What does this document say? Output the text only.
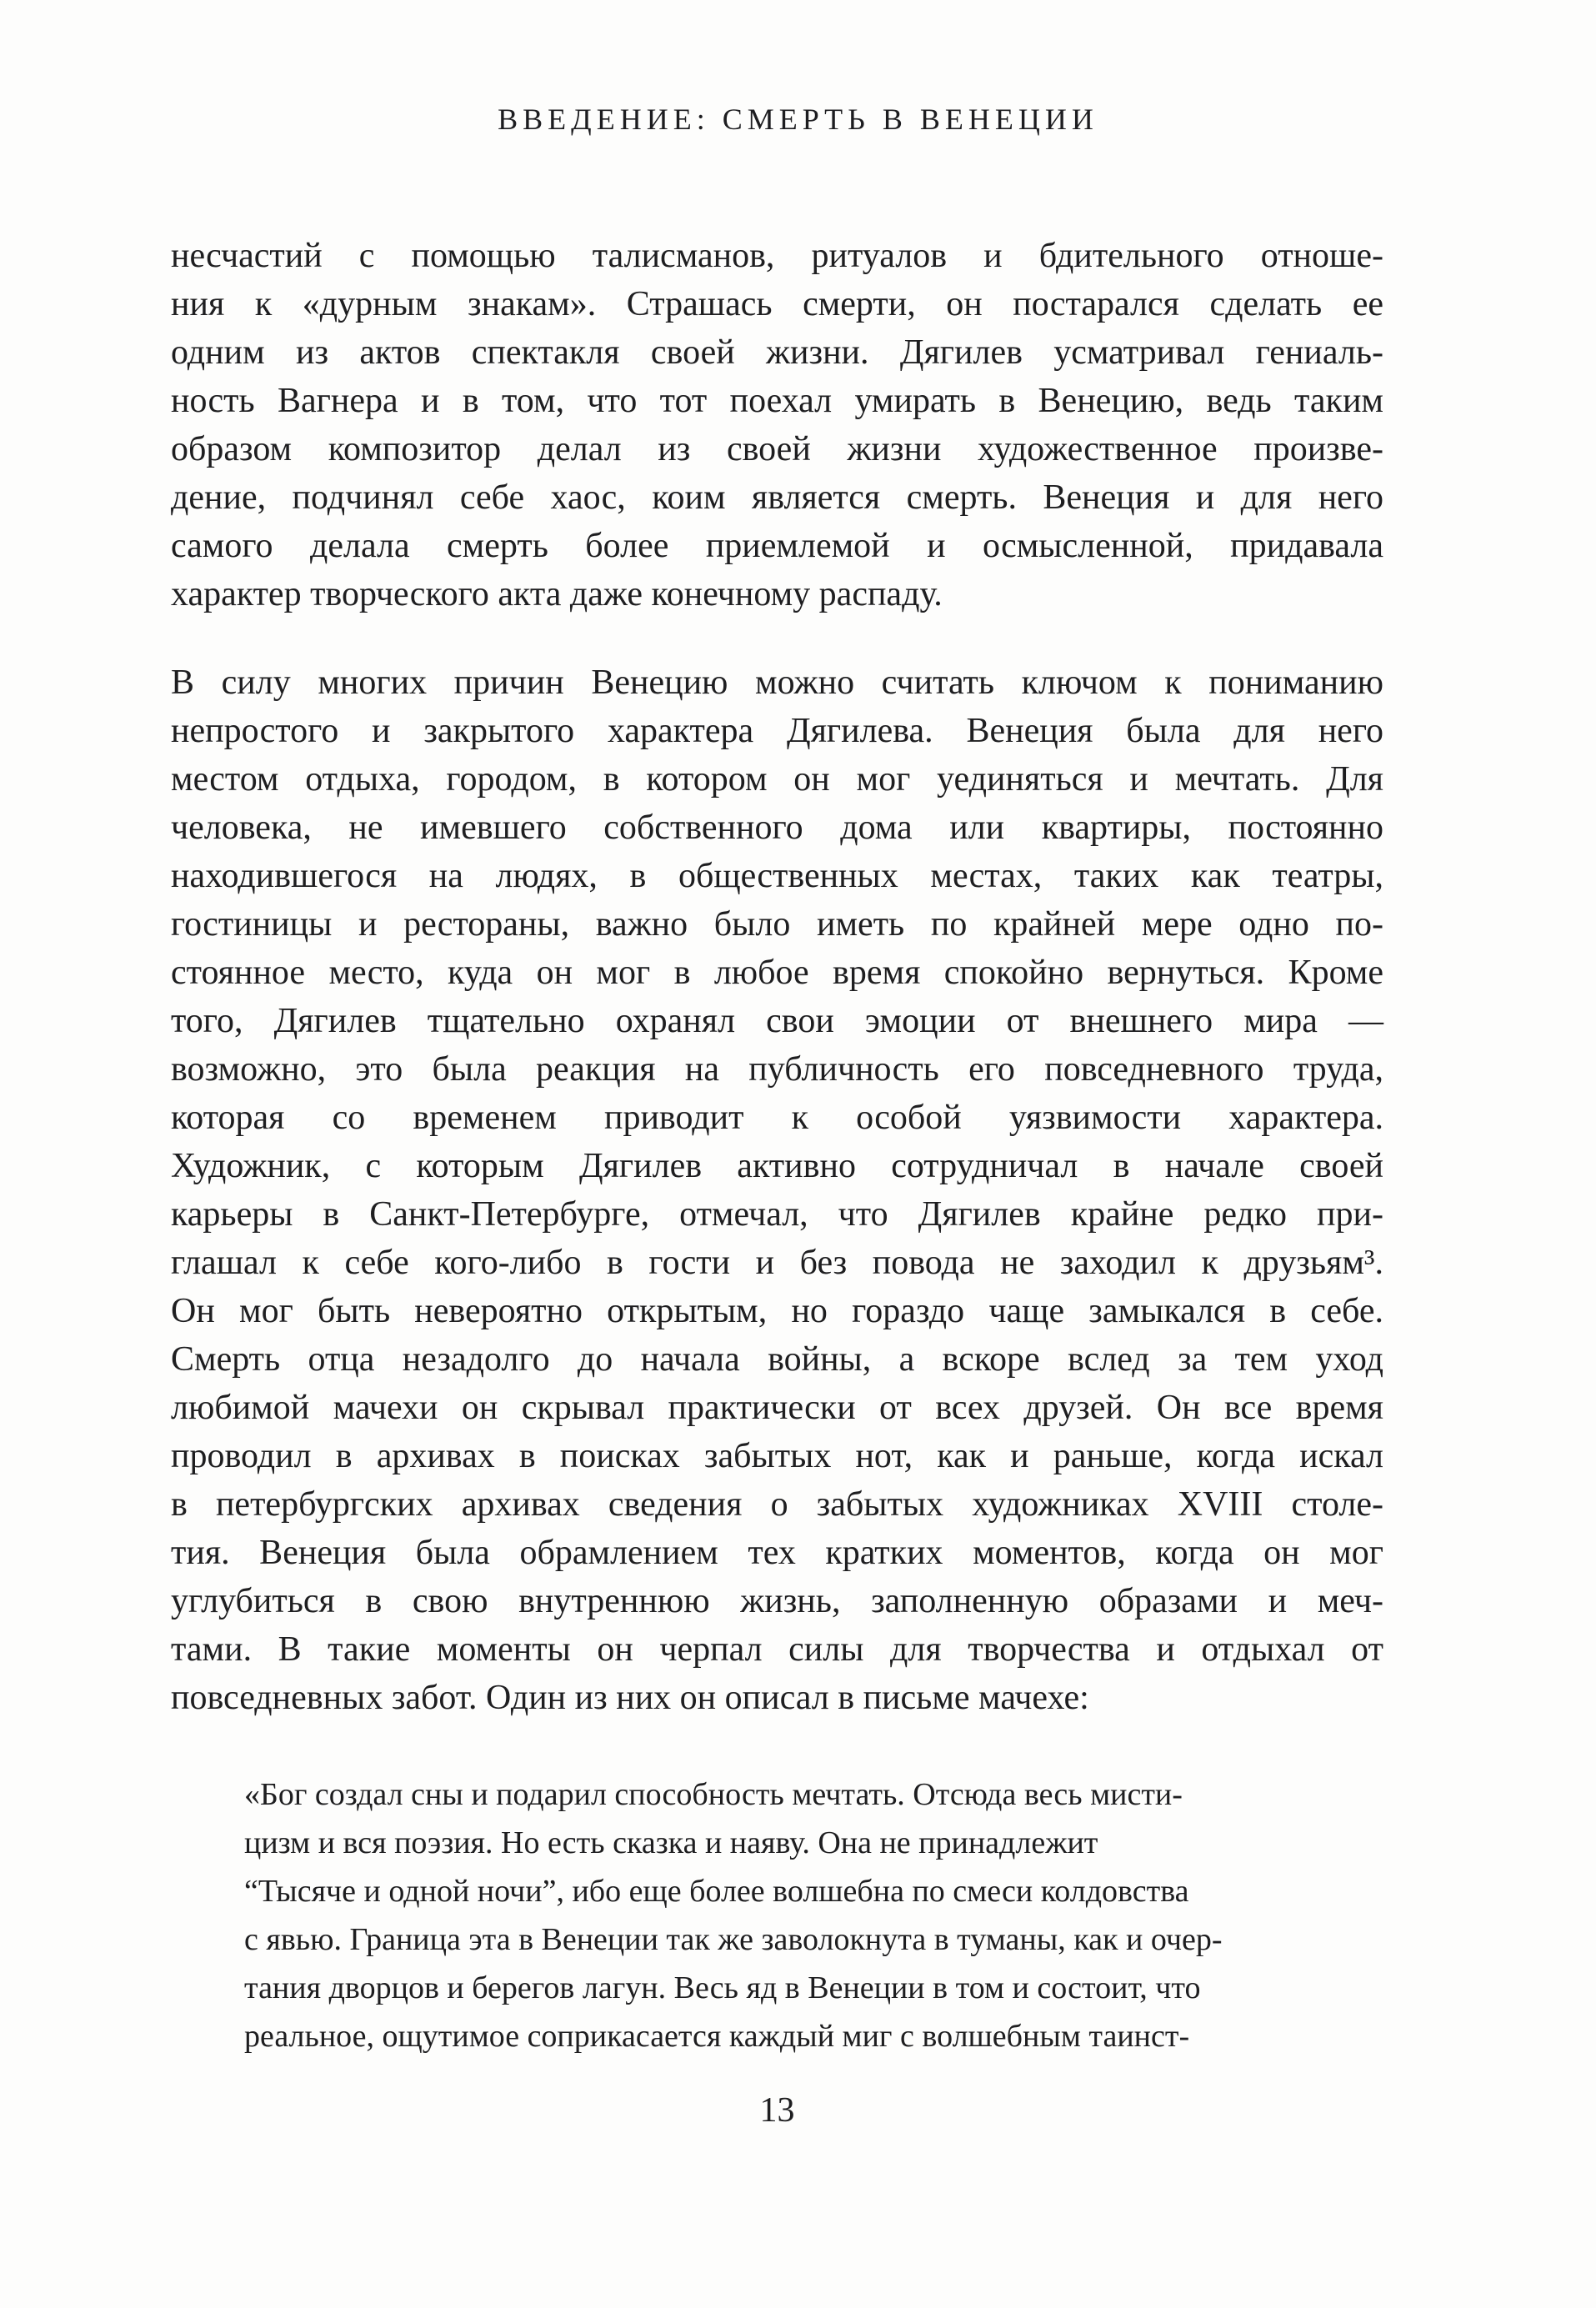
ВВЕДЕНИЕ: СМЕРТЬ В ВЕНЕЦИИ
несчастий с помощью талисманов, ритуалов и бдительного отноше-
ния к «дурным знакам». Страшась смерти, он постарался сделать ее
одним из актов спектакля своей жизни. Дягилев усматривал гениаль-
ность Вагнера и в том, что тот поехал умирать в Венецию, ведь таким
образом композитор делал из своей жизни художественное произве-
дение, подчинял себе хаос, коим является смерть. Венеция и для него
самого делала смерть более приемлемой и осмысленной, придавала
характер творческого акта даже конечному распаду.
В силу многих причин Венецию можно считать ключом к пониманию
непростого и закрытого характера Дягилева. Венеция была для него
местом отдыха, городом, в котором он мог уединяться и мечтать. Для
человека, не имевшего собственного дома или квартиры, постоянно
находившегося на людях, в общественных местах, таких как театры,
гостиницы и рестораны, важно было иметь по крайней мере одно по-
стоянное место, куда он мог в любое время спокойно вернуться. Кроме
того, Дягилев тщательно охранял свои эмоции от внешнего мира —
возможно, это была реакция на публичность его повседневного труда,
которая со временем приводит к особой уязвимости характера.
Художник, с которым Дягилев активно сотрудничал в начале своей
карьеры в Санкт-Петербурге, отмечал, что Дягилев крайне редко при-
глашал к себе кого-либо в гости и без повода не заходил к друзьям³.
Он мог быть невероятно открытым, но гораздо чаще замыкался в себе.
Смерть отца незадолго до начала войны, а вскоре вслед за тем уход
любимой мачехи он скрывал практически от всех друзей. Он все время
проводил в архивах в поисках забытых нот, как и раньше, когда искал
в петербургских архивах сведения о забытых художниках XVIII столе-
тия. Венеция была обрамлением тех кратких моментов, когда он мог
углубиться в свою внутреннюю жизнь, заполненную образами и меч-
тами. В такие моменты он черпал силы для творчества и отдыхал от
повседневных забот. Один из них он описал в письме мачехе:
«Бог создал сны и подарил способность мечтать. Отсюда весь мисти-
цизм и вся поэзия. Но есть сказка и наяву. Она не принадлежит
“Тысяче и одной ночи”, ибо еще более волшебна по смеси колдовства
с явью. Граница эта в Венеции так же заволокнута в туманы, как и очер-
тания дворцов и берегов лагун. Весь яд в Венеции в том и состоит, что
реальное, ощутимое соприкасается каждый миг с волшебным таинст-
13
